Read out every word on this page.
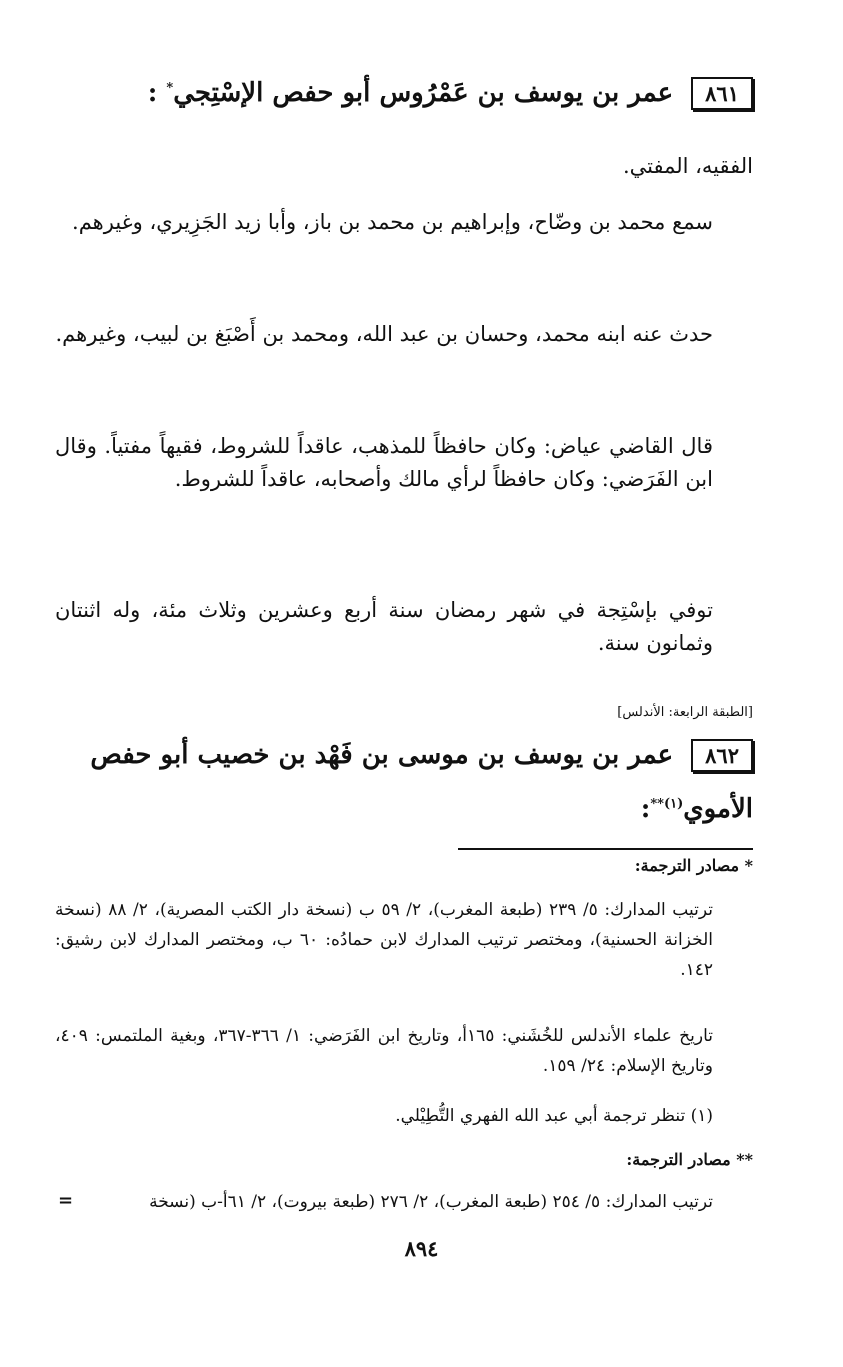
٨٦١
عمر بن يوسف بن عَمْرُوس أبو حفص الإسْتِجي* :
الفقيه، المفتي.
سمع محمد بن وضّاح، وإبراهيم بن محمد بن باز، وأبا زيد الجَزِيري، وغيرهم.
حدث عنه ابنه محمد، وحسان بن عبد الله، ومحمد بن أَصْبَغ بن لبيب، وغيرهم.
قال القاضي عياض: وكان حافظاً للمذهب، عاقداً للشروط، فقيهاً مفتياً. وقال ابن الفَرَضي: وكان حافظاً لرأي مالك وأصحابه، عاقداً للشروط.
توفي بإسْتِجة في شهر رمضان سنة أربع وعشرين وثلاث مئة، وله اثنتان وثمانون سنة.
[الطبقة الرابعة: الأندلس]
٨٦٢
عمر بن يوسف بن موسى بن فَهْد بن خصيب أبو حفص
الأموي$^{(١)**}$:
* مصادر الترجمة:
ترتيب المدارك: ٥/ ٢٣٩ (طبعة المغرب)، ٢/ ٥٩ ب (نسخة دار الكتب المصرية)، ٢/ ٨٨ (نسخة الخزانة الحسنية)، ومختصر ترتيب المدارك لابن حمادُه: ٦٠ ب، ومختصر المدارك لابن رشيق: ١٤٢.
تاريخ علماء الأندلس للخُشَني: ١٦٥أ، وتاريخ ابن الفَرَضي: ١/ ٣٦٦-٣٦٧، وبغية الملتمس: ٤٠٩، وتاريخ الإسلام: ٢٤/ ١٥٩.
(١) تنظر ترجمة أبي عبد الله الفهري التُّطِيْلي.
** مصادر الترجمة:
ترتيب المدارك: ٥/ ٢٥٤ (طبعة المغرب)، ٢/ ٢٧٦ (طبعة بيروت)، ٢/ ٦١أ-ب (نسخة
=
٨٩٤
